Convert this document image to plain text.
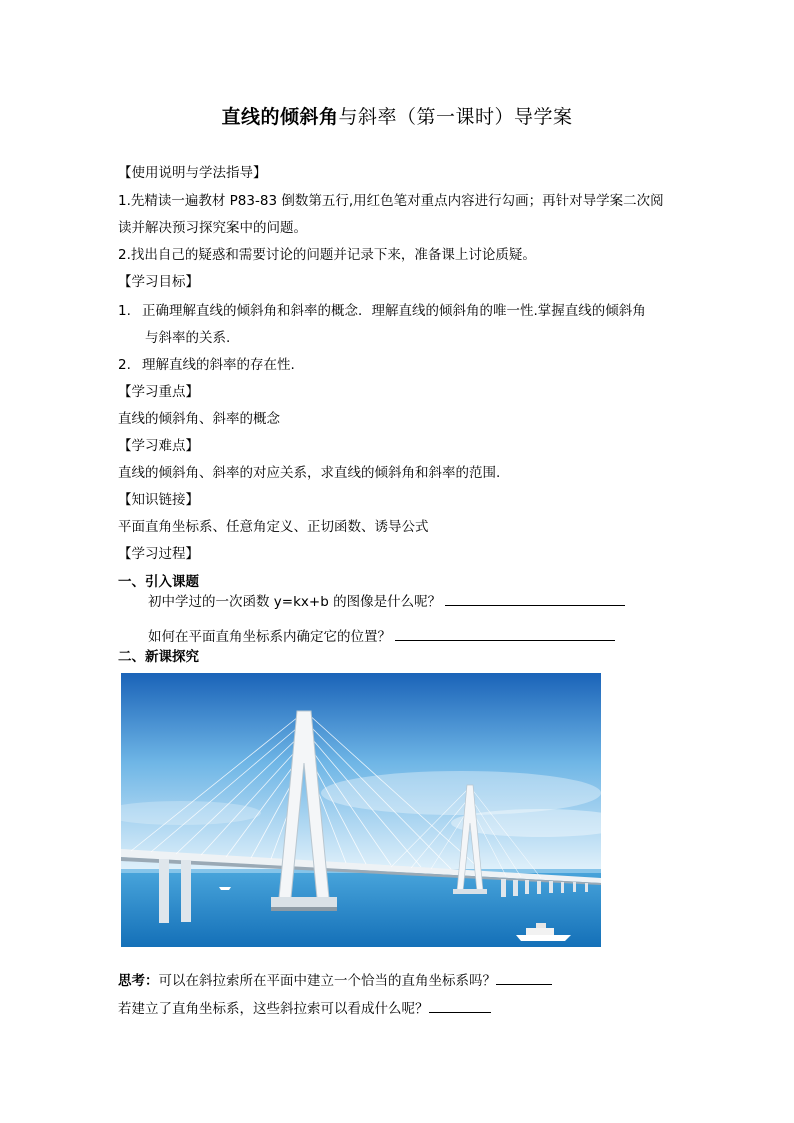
直线的倾斜角与斜率（第一课时）导学案
【使用说明与学法指导】
1.先精读一遍教材 P83-83 倒数第五行,用红色笔对重点内容进行勾画；再针对导学案二次阅
读并解决预习探究案中的问题。
2.找出自己的疑惑和需要讨论的问题并记录下来，准备课上讨论质疑。
【学习目标】
1. 正确理解直线的倾斜角和斜率的概念．理解直线的倾斜角的唯一性.掌握直线的倾斜角
与斜率的关系.
2. 理解直线的斜率的存在性.
【学习重点】
直线的倾斜角、斜率的概念
【学习难点】
直线的倾斜角、斜率的对应关系，求直线的倾斜角和斜率的范围.
【知识链接】
平面直角坐标系、任意角定义、正切函数、诱导公式
【学习过程】
一、引入课题
初中学过的一次函数 y=kx+b 的图像是什么呢？
如何在平面直角坐标系内确定它的位置？
二、新课探究
思考：可以在斜拉索所在平面中建立一个恰当的直角坐标系吗？
若建立了直角坐标系，这些斜拉索可以看成什么呢？
